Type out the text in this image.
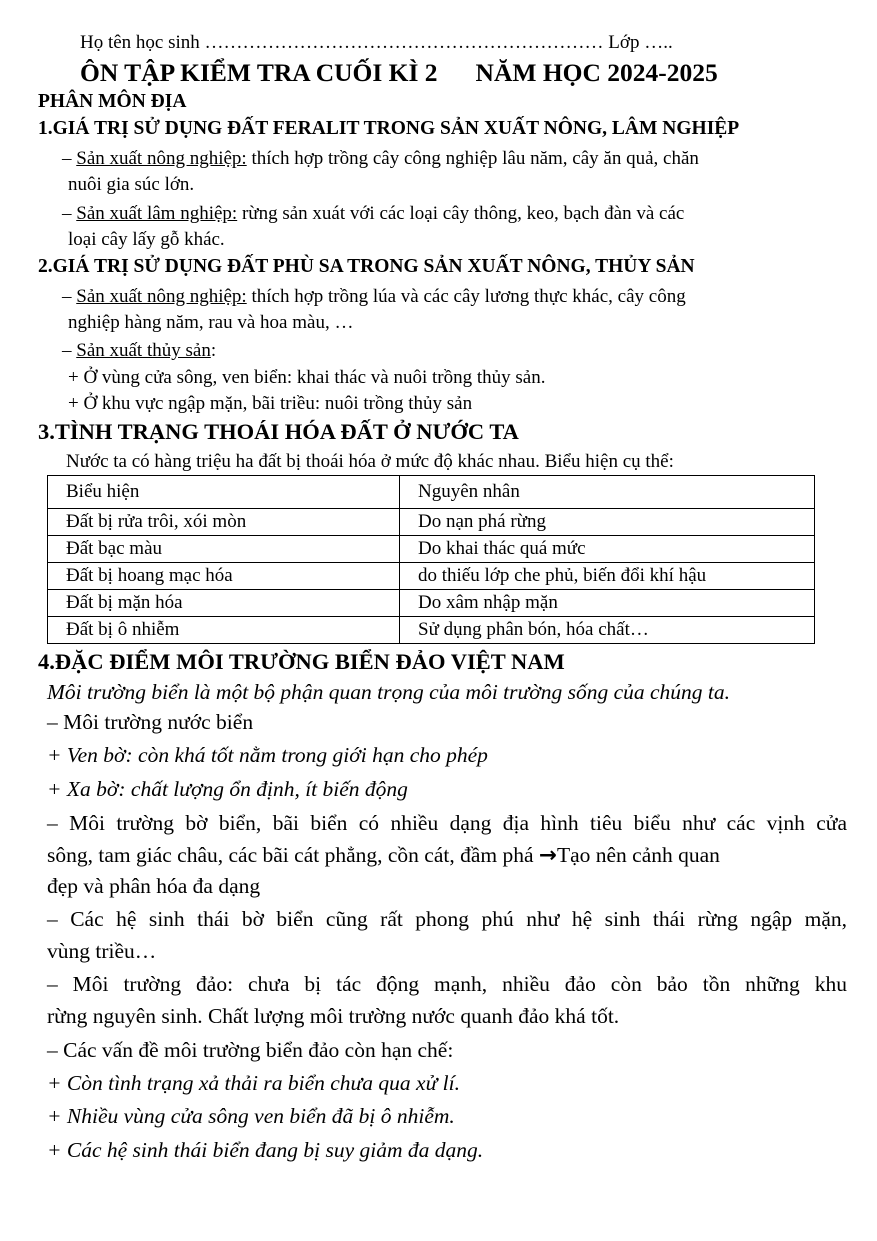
Họ tên học sinh ……………………………………………………… Lớp …..
ÔN TẬP KIỂM TRA CUỐI KÌ 2 NĂM HỌC 2024-2025
PHÂN MÔN ĐỊA
1.GIÁ TRỊ SỬ DỤNG ĐẤT FERALIT TRONG SẢN XUẤT NÔNG, LÂM NGHIỆP
– Sản xuất nông nghiệp: thích hợp trồng cây công nghiệp lâu năm, cây ăn quả, chăn
nuôi gia súc lớn.
– Sản xuất lâm nghiệp: rừng sản xuát với các loại cây thông, keo, bạch đàn và các
loại cây lấy gỗ khác.
2.GIÁ TRỊ SỬ DỤNG ĐẤT PHÙ SA TRONG SẢN XUẤT NÔNG, THỦY SẢN
– Sản xuất nông nghiệp: thích hợp trồng lúa và các cây lương thực khác, cây công
nghiệp hàng năm, rau và hoa màu, …
– Sản xuất thủy sản:
+ Ở vùng cửa sông, ven biển: khai thác và nuôi trồng thủy sản.
+ Ở khu vực ngập mặn, bãi triều: nuôi trồng thủy sản
3.TÌNH TRẠNG THOÁI HÓA ĐẤT Ở NƯỚC TA
Nước ta có hàng triệu ha đất bị thoái hóa ở mức độ khác nhau. Biểu hiện cụ thể:
Biểu hiện	Nguyên nhân
Đất bị rửa trôi, xói mòn	Do nạn phá rừng
Đất bạc màu	Do khai thác quá mức
Đất bị hoang mạc hóa	do thiếu lớp che phủ, biến đổi khí hậu
Đất bị mặn hóa	Do xâm nhập mặn
Đất bị ô nhiễm	Sử dụng phân bón, hóa chất…
4.ĐẶC ĐIỂM MÔI TRƯỜNG BIỂN ĐẢO VIỆT NAM
Môi trường biển là một bộ phận quan trọng của môi trường sống của chúng ta.
– Môi trường nước biển
+ Ven bờ: còn khá tốt nằm trong giới hạn cho phép
+ Xa bờ: chất lượng ổn định, ít biến động
– Môi trường bờ biển, bãi biển có nhiều dạng địa hình tiêu biểu như các vịnh cửa
sông, tam giác châu, các bãi cát phẳng, cồn cát, đầm phá →Tạo nên cảnh quan
đẹp và phân hóa đa dạng
– Các hệ sinh thái bờ biển cũng rất phong phú như hệ sinh thái rừng ngập mặn,
vùng triều…
– Môi trường đảo: chưa bị tác động mạnh, nhiều đảo còn bảo tồn những khu
rừng nguyên sinh. Chất lượng môi trường nước quanh đảo khá tốt.
– Các vấn đề môi trường biển đảo còn hạn chế:
+ Còn tình trạng xả thải ra biển chưa qua xử lí.
+ Nhiều vùng cửa sông ven biển đã bị ô nhiễm.
+ Các hệ sinh thái biển đang bị suy giảm đa dạng.
